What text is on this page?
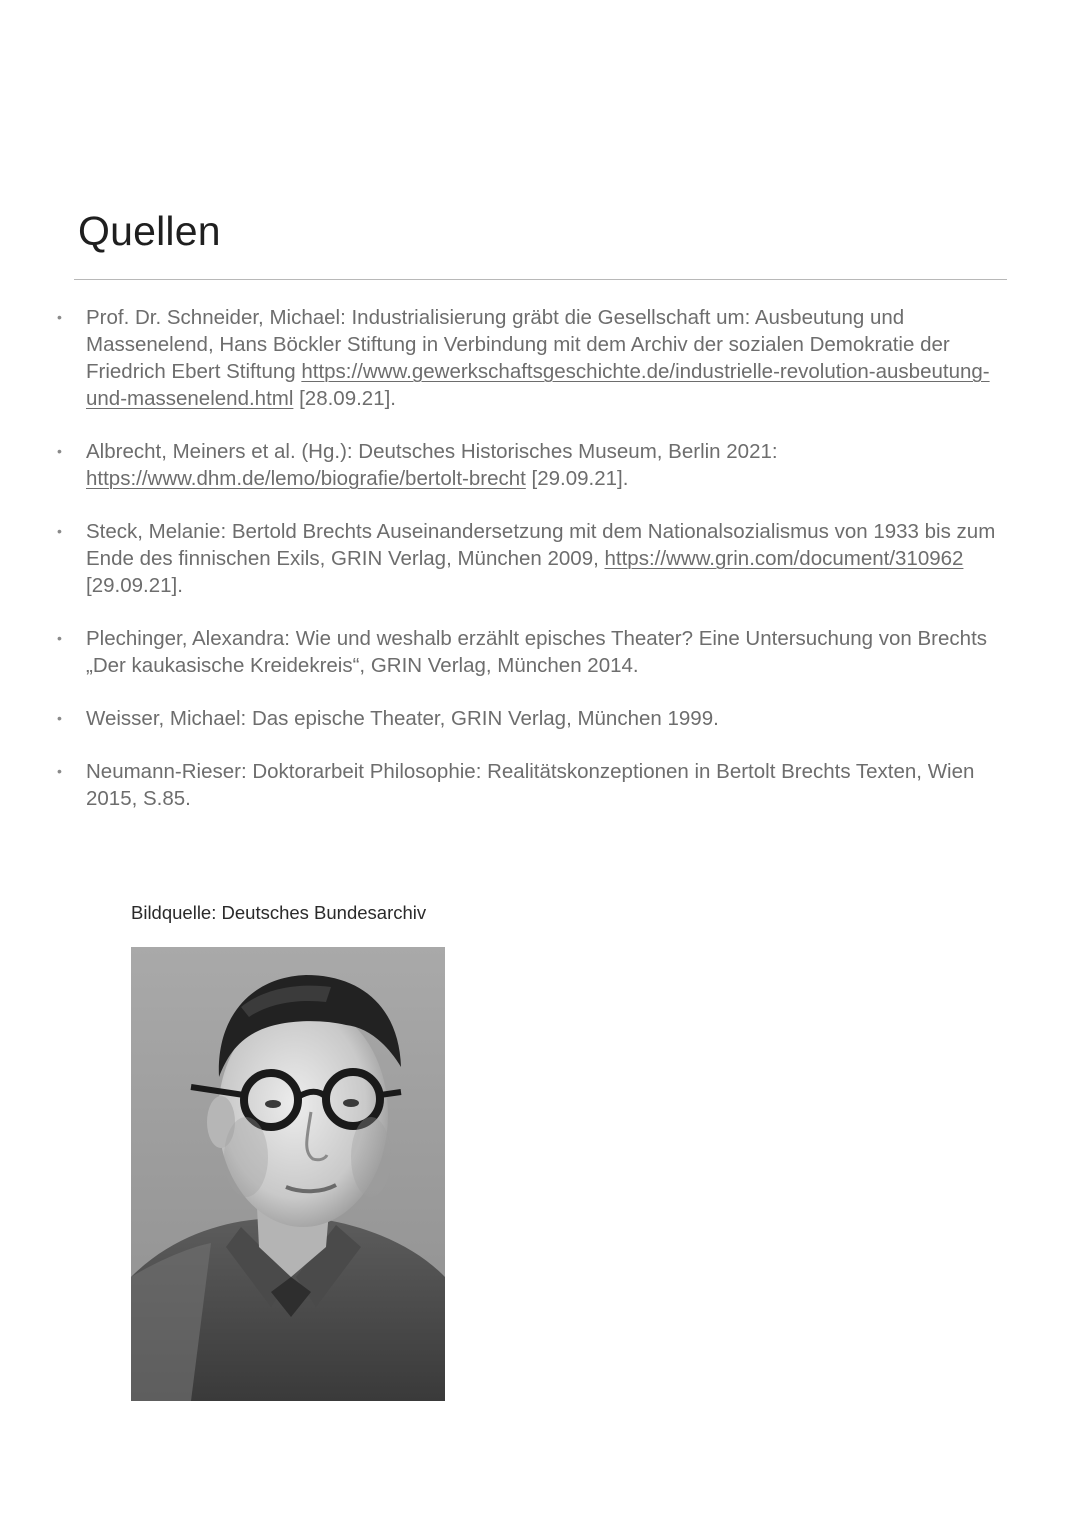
Quellen
• Prof. Dr. Schneider, Michael: Industrialisierung gräbt die Gesellschaft um: Ausbeutung und Massenelend, Hans Böckler Stiftung in Verbindung mit dem Archiv der sozialen Demokratie der Friedrich Ebert Stiftung https://www.gewerkschaftsgeschichte.de/industrielle-revolution-ausbeutung-und-massenelend.html [28.09.21].
• Albrecht, Meiners et al. (Hg.): Deutsches Historisches Museum, Berlin 2021: https://www.dhm.de/lemo/biografie/bertolt-brecht [29.09.21].
• Steck, Melanie: Bertold Brechts Auseinandersetzung mit dem Nationalsozialismus von 1933 bis zum Ende des finnischen Exils, GRIN Verlag, München 2009, https://www.grin.com/document/310962 [29.09.21].
• Plechinger, Alexandra: Wie und weshalb erzählt episches Theater? Eine Untersuchung von Brechts „Der kaukasische Kreidekreis“, GRIN Verlag, München 2014.
• Weisser, Michael: Das epische Theater, GRIN Verlag, München 1999.
• Neumann-Rieser: Doktorarbeit Philosophie: Realitätskonzeptionen in Bertolt Brechts Texten, Wien 2015, S.85.
Bildquelle: Deutsches Bundesarchiv
